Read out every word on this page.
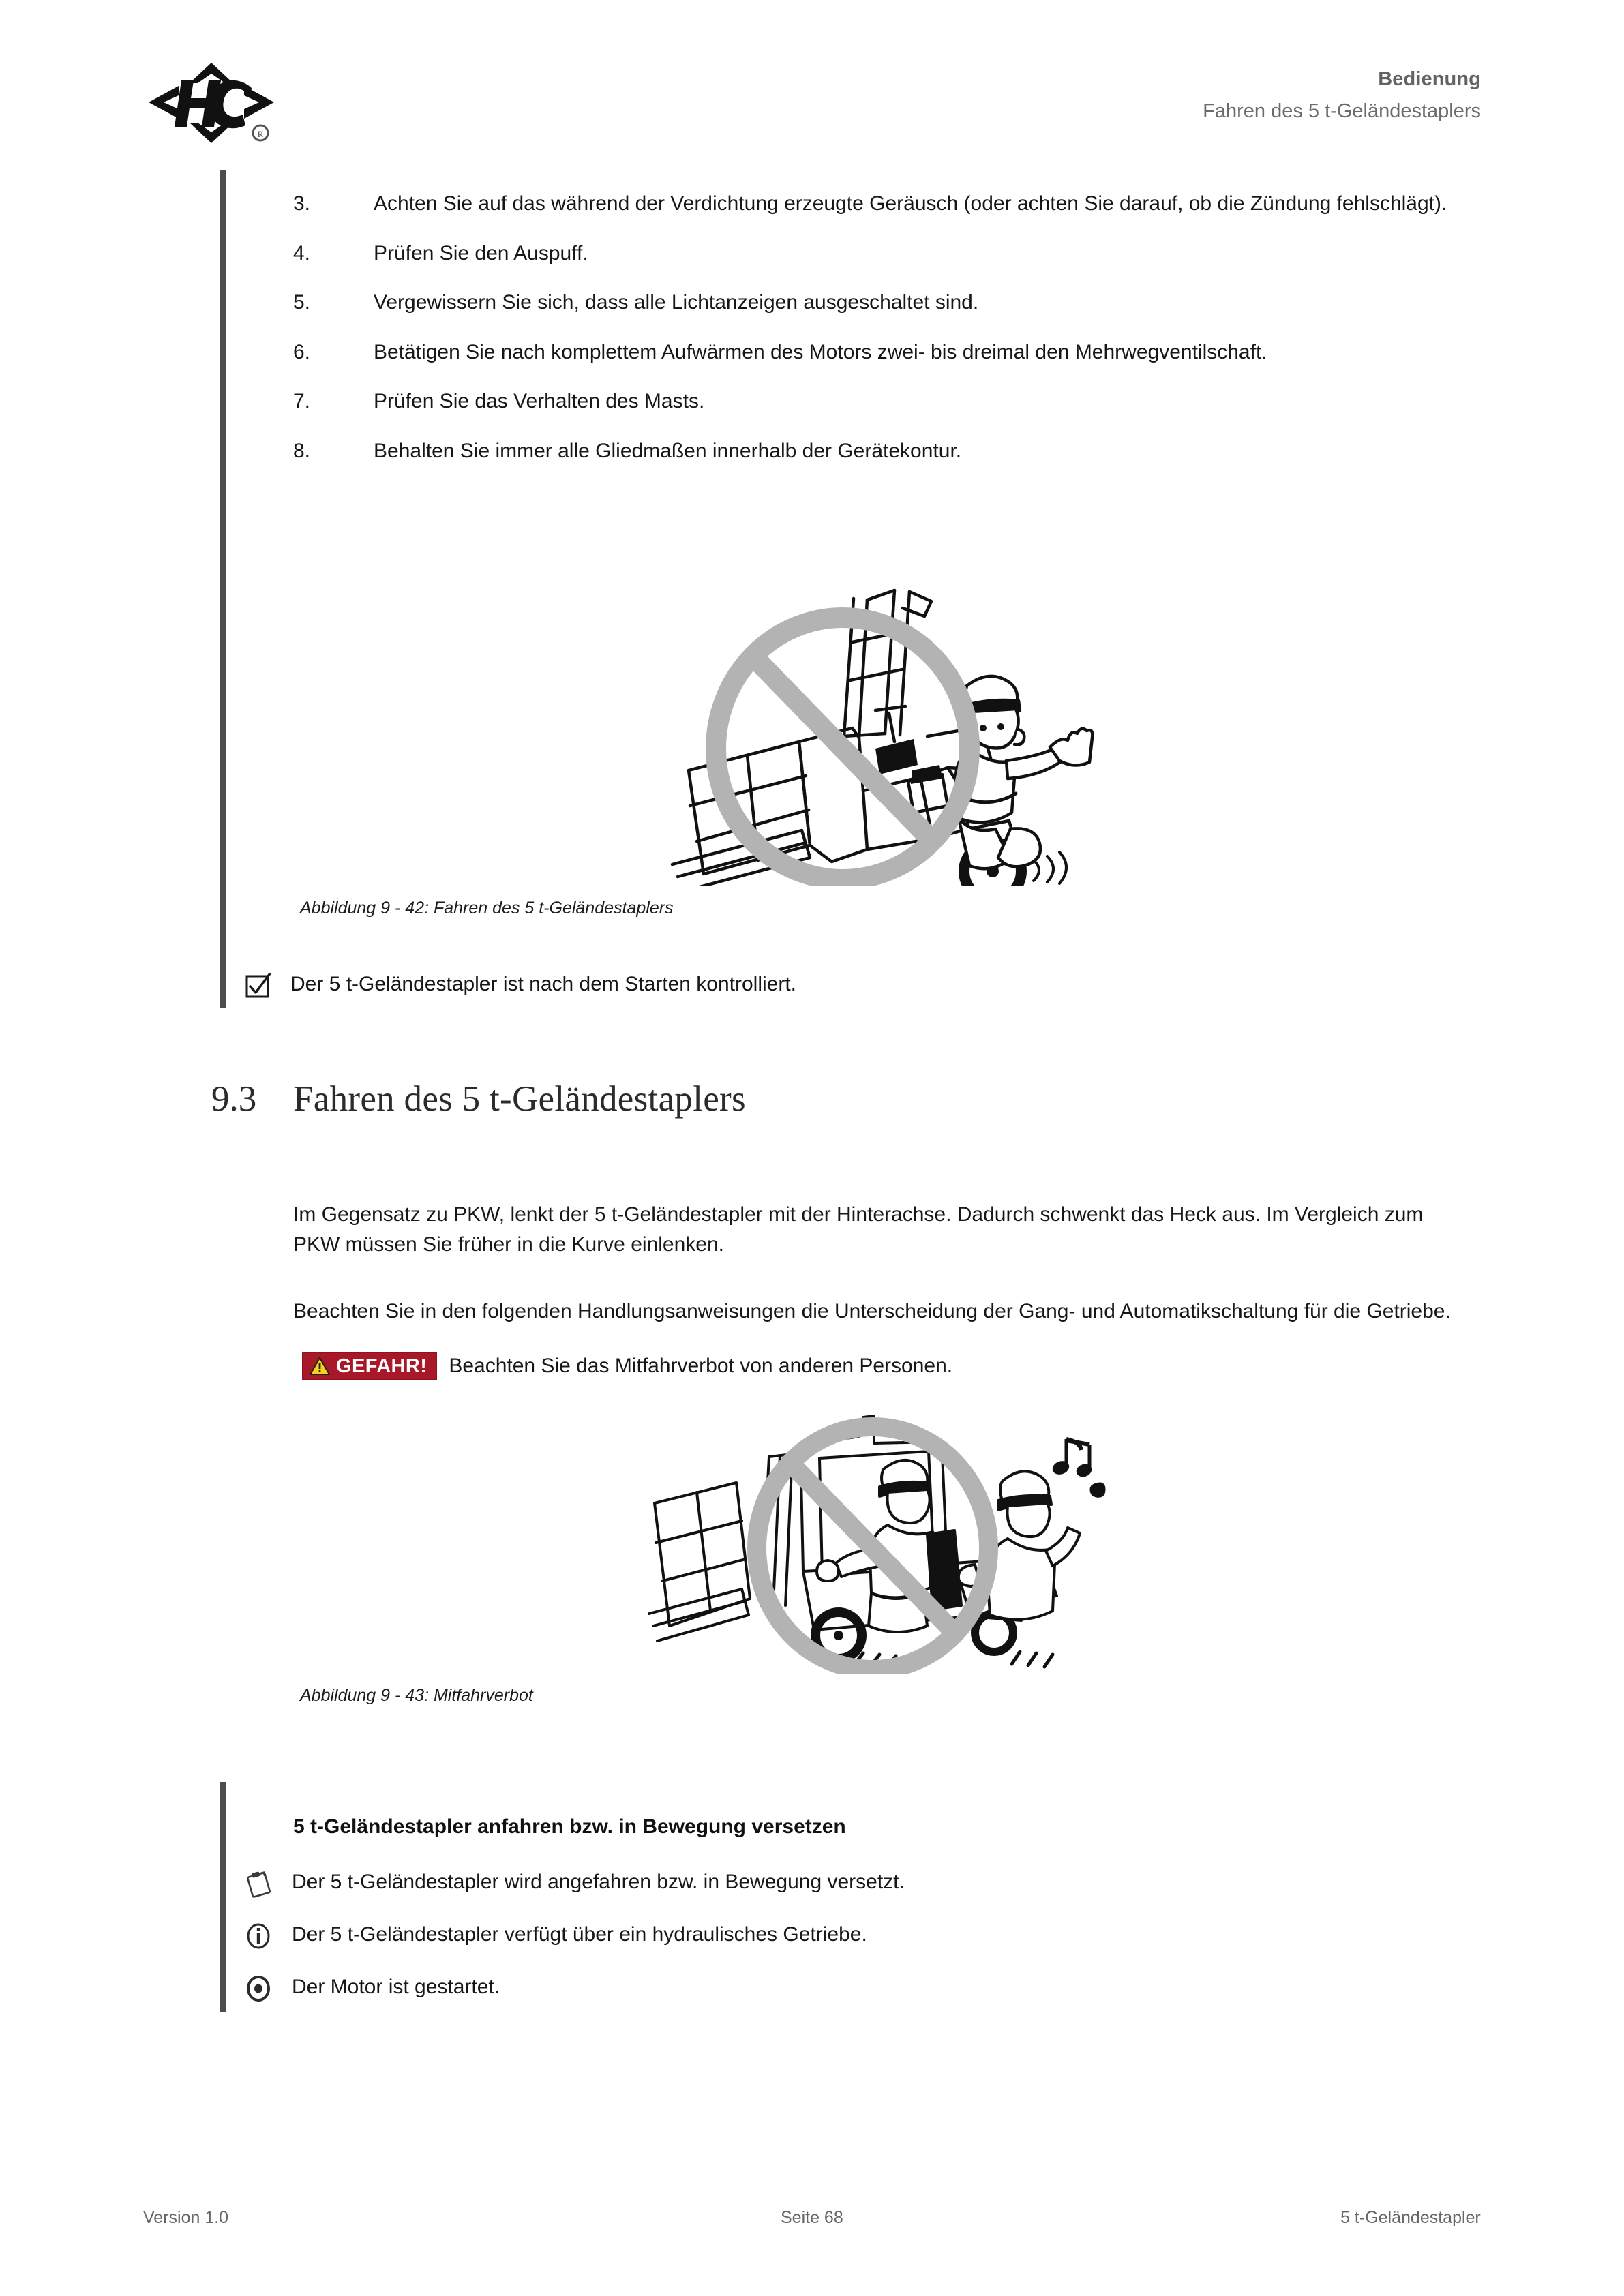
R
Bedienung
Fahren des 5 t-Geländestaplers
3.	Achten Sie auf das während der Verdichtung erzeugte Geräusch (oder achten Sie darauf, ob die Zündung fehlschlägt).
4.	Prüfen Sie den Auspuff.
5.	Vergewissern Sie sich, dass alle Lichtanzeigen ausgeschaltet sind.
6.	Betätigen Sie nach komplettem Aufwärmen des Motors zwei- bis dreimal den Mehrwegventilschaft.
7.	Prüfen Sie das Verhalten des Masts.
8.	Behalten Sie immer alle Gliedmaßen innerhalb der Gerätekontur.
Abbildung 9 - 42: Fahren des 5 t-Geländestaplers
Der 5 t-Geländestapler ist nach dem Starten kontrolliert.
9.3	Fahren des 5 t-Geländestaplers

Im Gegensatz zu PKW, lenkt der 5 t-Geländestapler mit der Hinterachse. Dadurch schwenkt das Heck aus. Im Vergleich zum PKW müssen Sie früher in die Kurve einlenken.

Beachten Sie in den folgenden Handlungsanweisungen die Unterscheidung der Gang- und Automatikschaltung für die Getriebe.

GEFAHR! Beachten Sie das Mitfahrverbot von anderen Personen.
Abbildung 9 - 43: Mitfahrverbot
5 t-Geländestapler anfahren bzw. in Bewegung versetzen
Der 5 t-Geländestapler wird angefahren bzw. in Bewegung versetzt.
Der 5 t-Geländestapler verfügt über ein hydraulisches Getriebe.
Der Motor ist gestartet.
Version 1.0	Seite 68	5 t-Geländestapler
